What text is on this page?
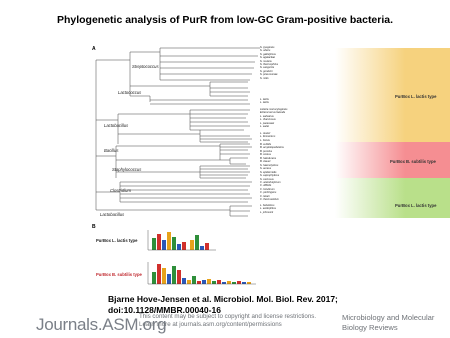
Phylogenetic analysis of PurR from low-GC Gram-positive bacteria.
PurBox L. lactis type
PurBox B. subtilis type
PurBox L. lactis type
A
Streptococcus
Lactococcus
Lactobacillus
Bacillus
Staphylococcus
Clostridium
Lactobacillus
S. pyogenes
S. uberis
S. gallolyticus
S. agalactiae
S. mutans
S. thermophilus
S. sanguinis
S. gordonii
S. pneumoniae
S. mitis
L. lactis
L. lactis
Listeria monocytogenes
Enterococcus faecalis
L. salivarius
L. rhamnosus
L. paracasei
L. sakei
L. reuteri
L. fermentum
L. brevis
B. subtilis
B. amyloliquefaciens
B. pumilus
B. cereus
B. halodurans
B. clausii
S. haemolyticus
S. aureus
S. epidermidis
S. saprophyticus
S. carnosus
C. acetobutylicum
C. difficile
C. botulinum
C. perfringens
C. tetani
C. thermocellum
L. helveticus
L. acidophilus
L. johnsonii
B
PurBox L. lactis type
PurBox B. subtilis type
Bjarne Hove-Jensen et al. Microbiol. Mol. Biol. Rev. 2017;
doi:10.1128/MMBR.00040-16
Journals.ASM.org
This content may be subject to copyright and license restrictions.
Learn more at journals.asm.org/content/permissions
Microbiology and Molecular
Biology Reviews
